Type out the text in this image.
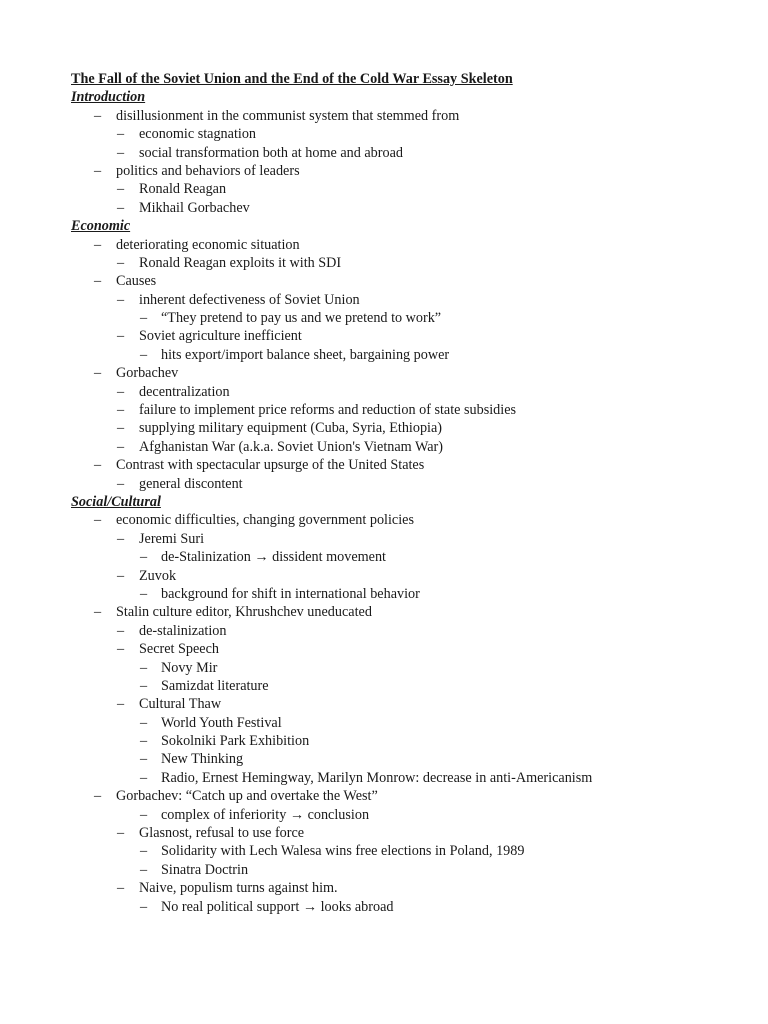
The Fall of the Soviet Union and the End of the Cold War Essay Skeleton
Introduction
– disillusionment in the communist system that stemmed from
– economic stagnation
– social transformation both at home and abroad
– politics and behaviors of leaders
– Ronald Reagan
– Mikhail Gorbachev
Economic
– deteriorating economic situation
– Ronald Reagan exploits it with SDI
– Causes
– inherent defectiveness of Soviet Union
– “They pretend to pay us and we pretend to work”
– Soviet agriculture inefficient
– hits export/import balance sheet, bargaining power
– Gorbachev
– decentralization
– failure to implement price reforms and reduction of state subsidies
– supplying military equipment (Cuba, Syria, Ethiopia)
– Afghanistan War (a.k.a. Soviet Union's Vietnam War)
– Contrast with spectacular upsurge of the United States
– general discontent
Social/Cultural
– economic difficulties, changing government policies
– Jeremi Suri
– de-Stalinization → dissident movement
– Zuvok
– background for shift in international behavior
– Stalin culture editor, Khrushchev uneducated
– de-stalinization
– Secret Speech
– Novy Mir
– Samizdat literature
– Cultural Thaw
– World Youth Festival
– Sokolniki Park Exhibition
– New Thinking
– Radio, Ernest Hemingway, Marilyn Monrow: decrease in anti-Americanism
– Gorbachev: “Catch up and overtake the West”
– complex of inferiority → conclusion
– Glasnost, refusal to use force
– Solidarity with Lech Walesa wins free elections in Poland, 1989
– Sinatra Doctrin
– Naive, populism turns against him.
– No real political support → looks abroad
